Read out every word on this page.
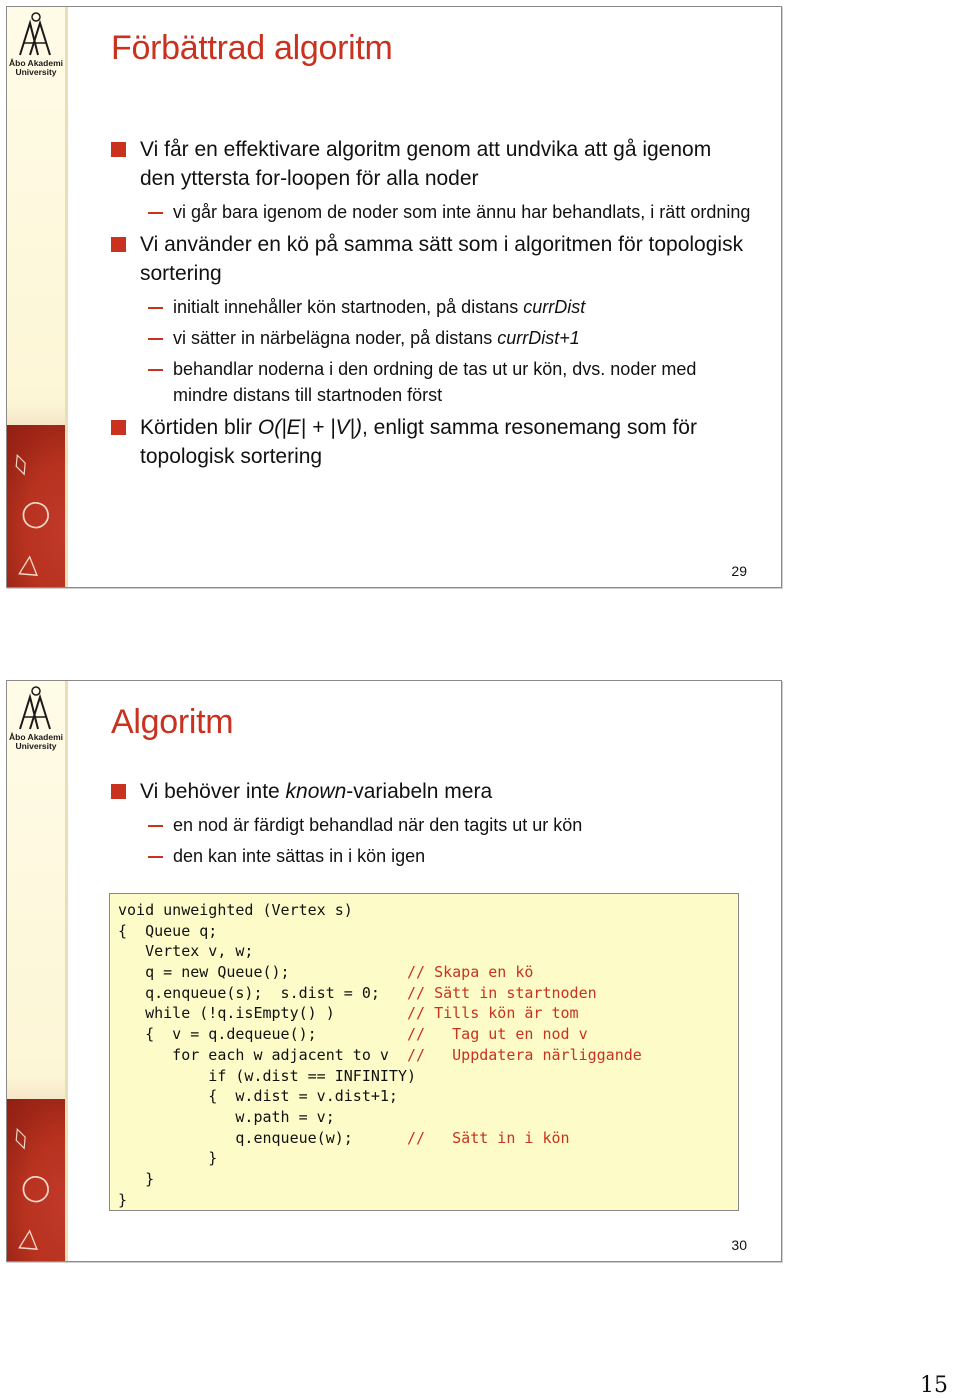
Åbo Akademi
University
◊
◯
△
Förbättrad algoritm
Vi får en effektivare algoritm genom att undvika att gå igenom den yttersta for-loopen för alla noder
vi går bara igenom de noder som inte ännu har behandlats, i rätt ordning
Vi använder en kö på samma sätt som i algoritmen för topologisk sortering
initialt innehåller kön startnoden, på distans currDist
vi sätter in närbelägna noder, på distans currDist+1
behandlar noderna i den ordning de tas ut ur kön, dvs. noder med mindre distans till startnoden först
Körtiden blir O(|E| + |V|), enligt samma resonemang som för topologisk sortering
29
Åbo Akademi
University
◊
◯
△
Algoritm
Vi behöver inte known-variabeln mera
en nod är färdigt behandlad när den tagits ut ur kön
den kan inte sättas in i kön igen
void unweighted (Vertex s)
{  Queue q;
Vertex v, w;
q = new Queue();             // Skapa en kö
q.enqueue(s);  s.dist = 0;   // Sätt in startnoden
while (!q.isEmpty() )        // Tills kön är tom
{  v = q.dequeue();          //   Tag ut en nod v
for each w adjacent to v  //   Uppdatera närliggande
if (w.dist == INFINITY)
{  w.dist = v.dist+1;
w.path = v;
q.enqueue(w);      //   Sätt in i kön
}
}
}
30
15
